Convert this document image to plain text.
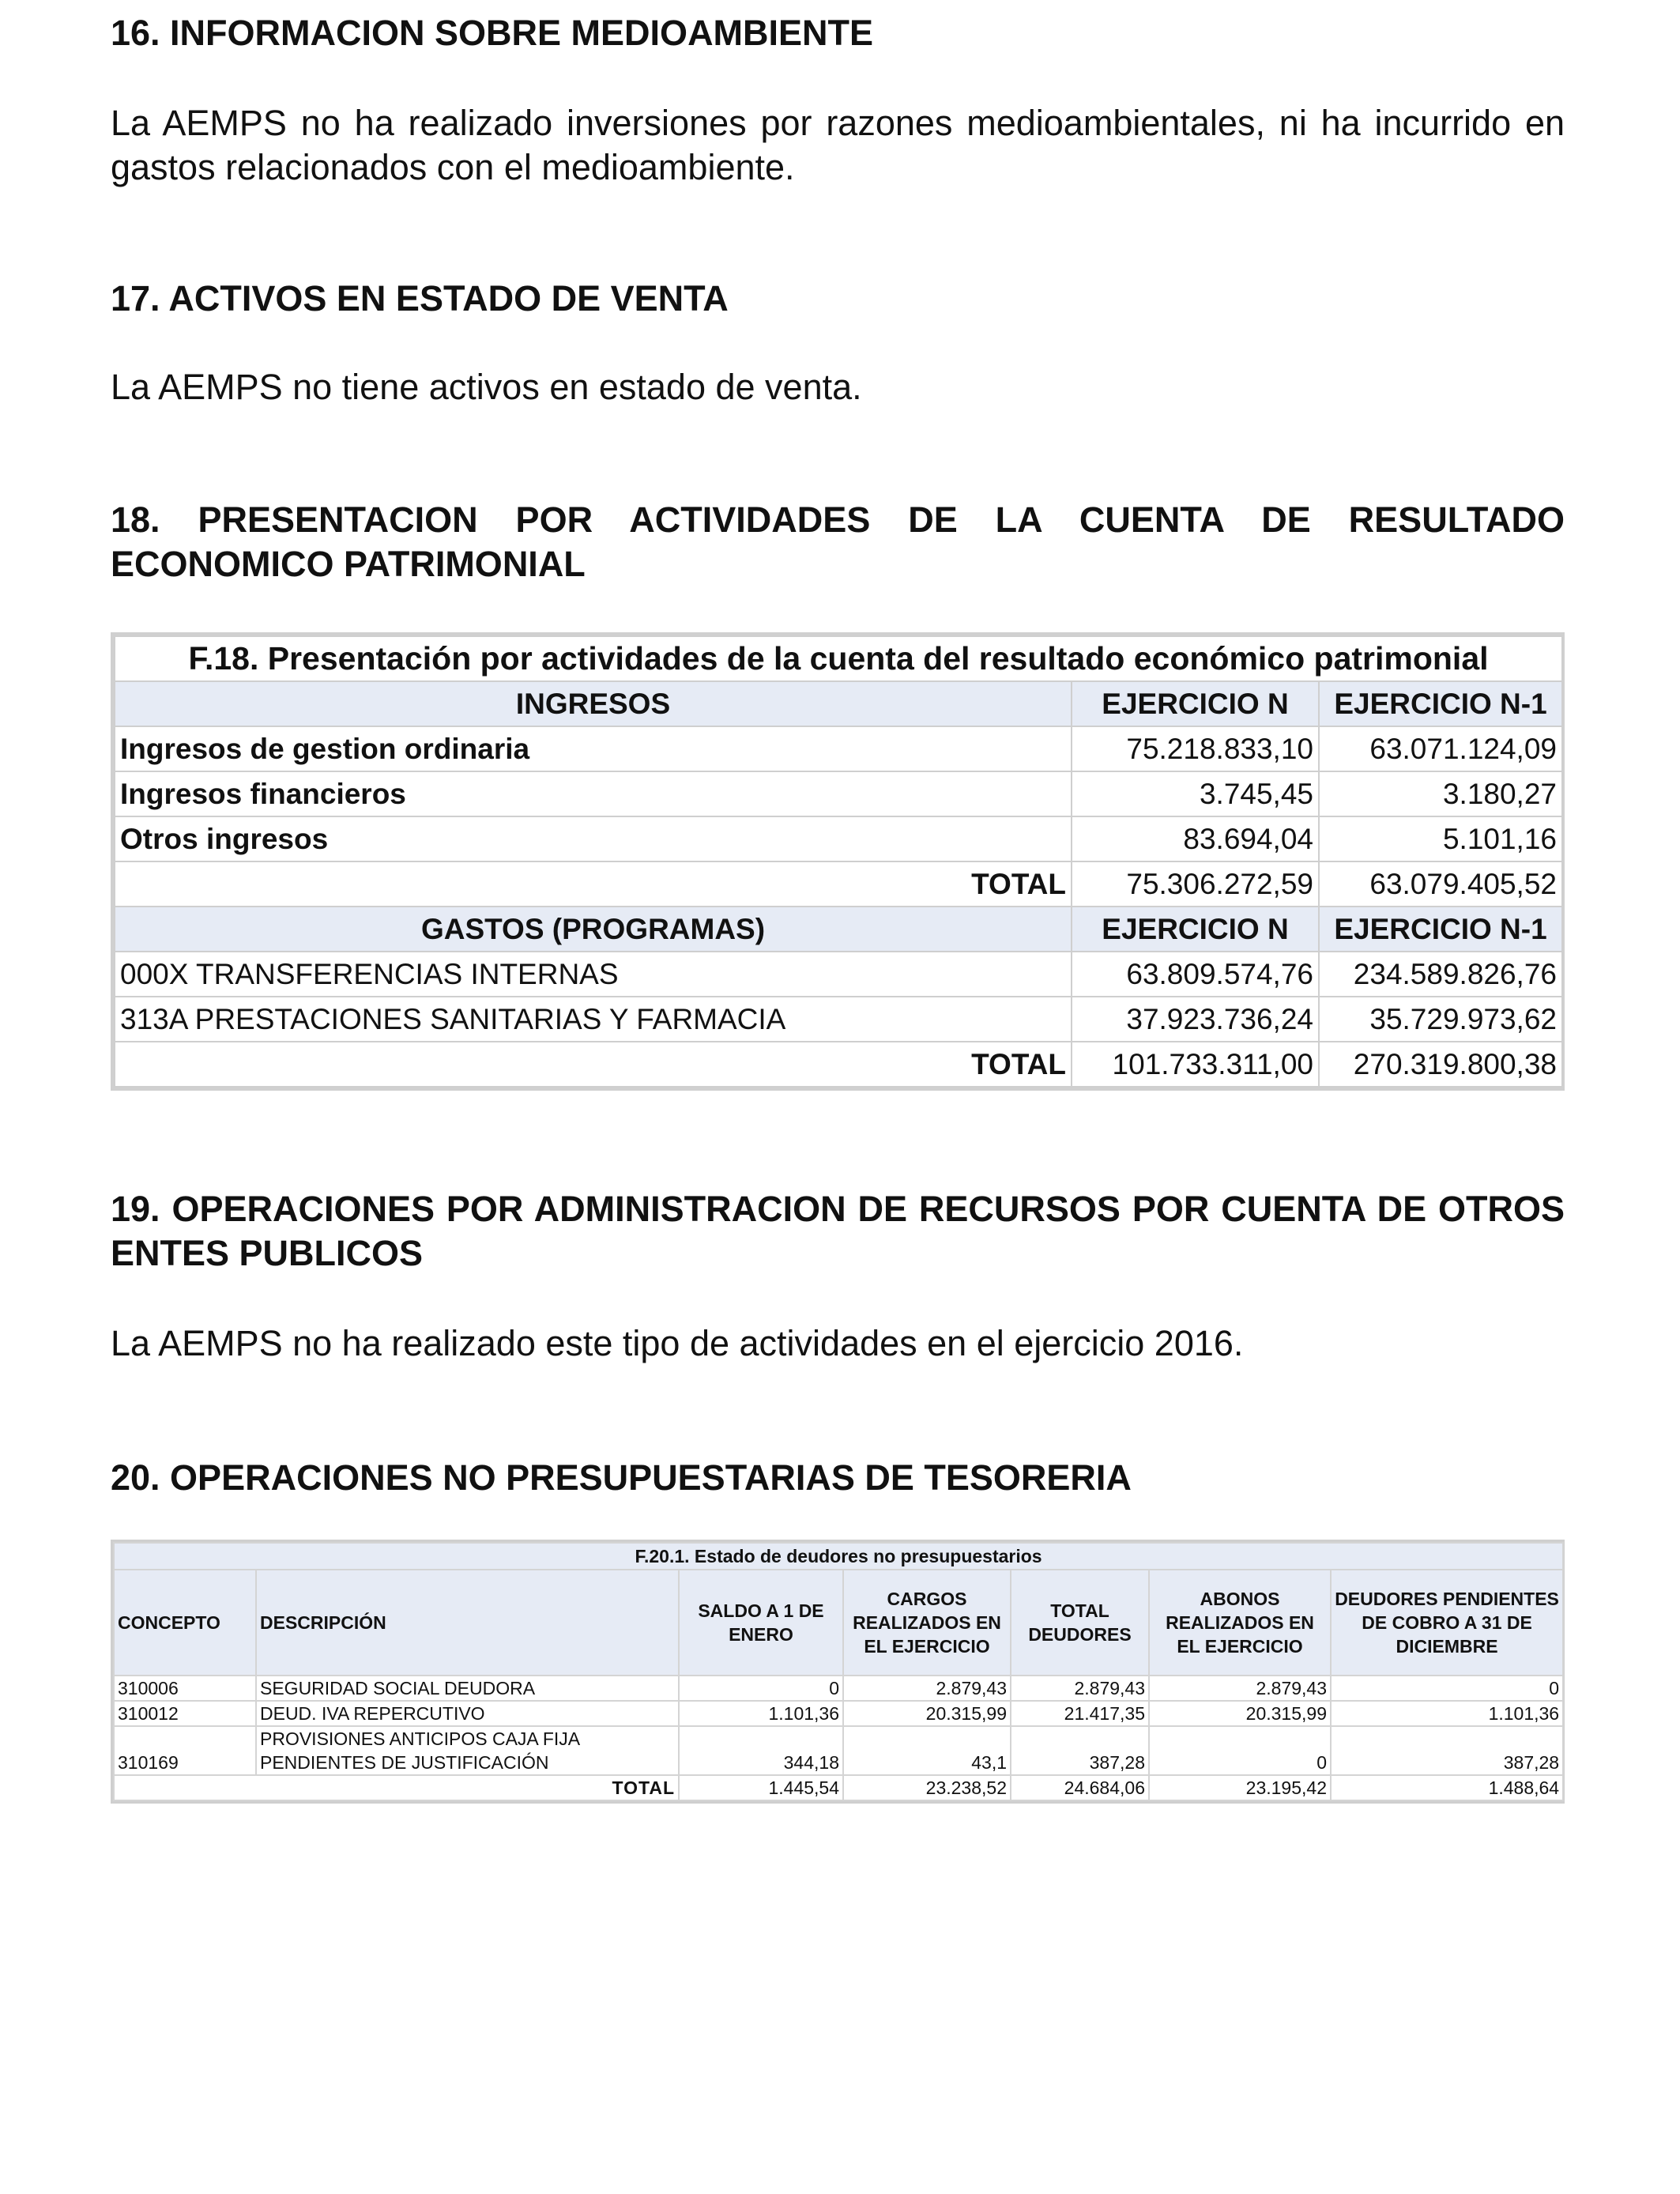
16. INFORMACION SOBRE MEDIOAMBIENTE

La AEMPS no ha realizado inversiones por razones medioambientales, ni ha incurrido en gastos relacionados con el medioambiente.

17. ACTIVOS EN ESTADO DE VENTA

La AEMPS no tiene activos en estado de venta.

18. PRESENTACION POR ACTIVIDADES DE LA CUENTA DE RESULTADO ECONOMICO PATRIMONIAL
F.18. Presentación por actividades de la cuenta del resultado económico patrimonial		
INGRESOS	EJERCICIO N	EJERCICIO N-1
Ingresos de gestion ordinaria	75.218.833,10	63.071.124,09
Ingresos financieros	3.745,45	3.180,27
Otros ingresos	83.694,04	5.101,16
TOTAL	75.306.272,59	63.079.405,52
GASTOS (PROGRAMAS)	EJERCICIO N	EJERCICIO N-1
000X TRANSFERENCIAS INTERNAS	63.809.574,76	234.589.826,76
313A PRESTACIONES SANITARIAS Y FARMACIA	37.923.736,24	35.729.973,62
TOTAL	101.733.311,00	270.319.800,38
19. OPERACIONES POR ADMINISTRACION DE RECURSOS POR CUENTA DE OTROS ENTES PUBLICOS

La AEMPS no ha realizado este tipo de actividades en el ejercicio 2016.

20. OPERACIONES NO PRESUPUESTARIAS DE TESORERIA
F.20.1. Estado de deudores no presupuestarios						
CONCEPTO	DESCRIPCIÓN	SALDO A 1 DE ENERO	CARGOS REALIZADOS EN EL EJERCICIO	TOTAL DEUDORES	ABONOS REALIZADOS EN EL EJERCICIO	DEUDORES PENDIENTES DE COBRO A 31 DE DICIEMBRE
310006	SEGURIDAD SOCIAL DEUDORA	0	2.879,43	2.879,43	2.879,43	0
310012	DEUD. IVA REPERCUTIVO	1.101,36	20.315,99	21.417,35	20.315,99	1.101,36
310169	PROVISIONES ANTICIPOS CAJA FIJA PENDIENTES DE JUSTIFICACIÓN	344,18	43,1	387,28	0	387,28
TOTAL		1.445,54	23.238,52	24.684,06	23.195,42	1.488,64
